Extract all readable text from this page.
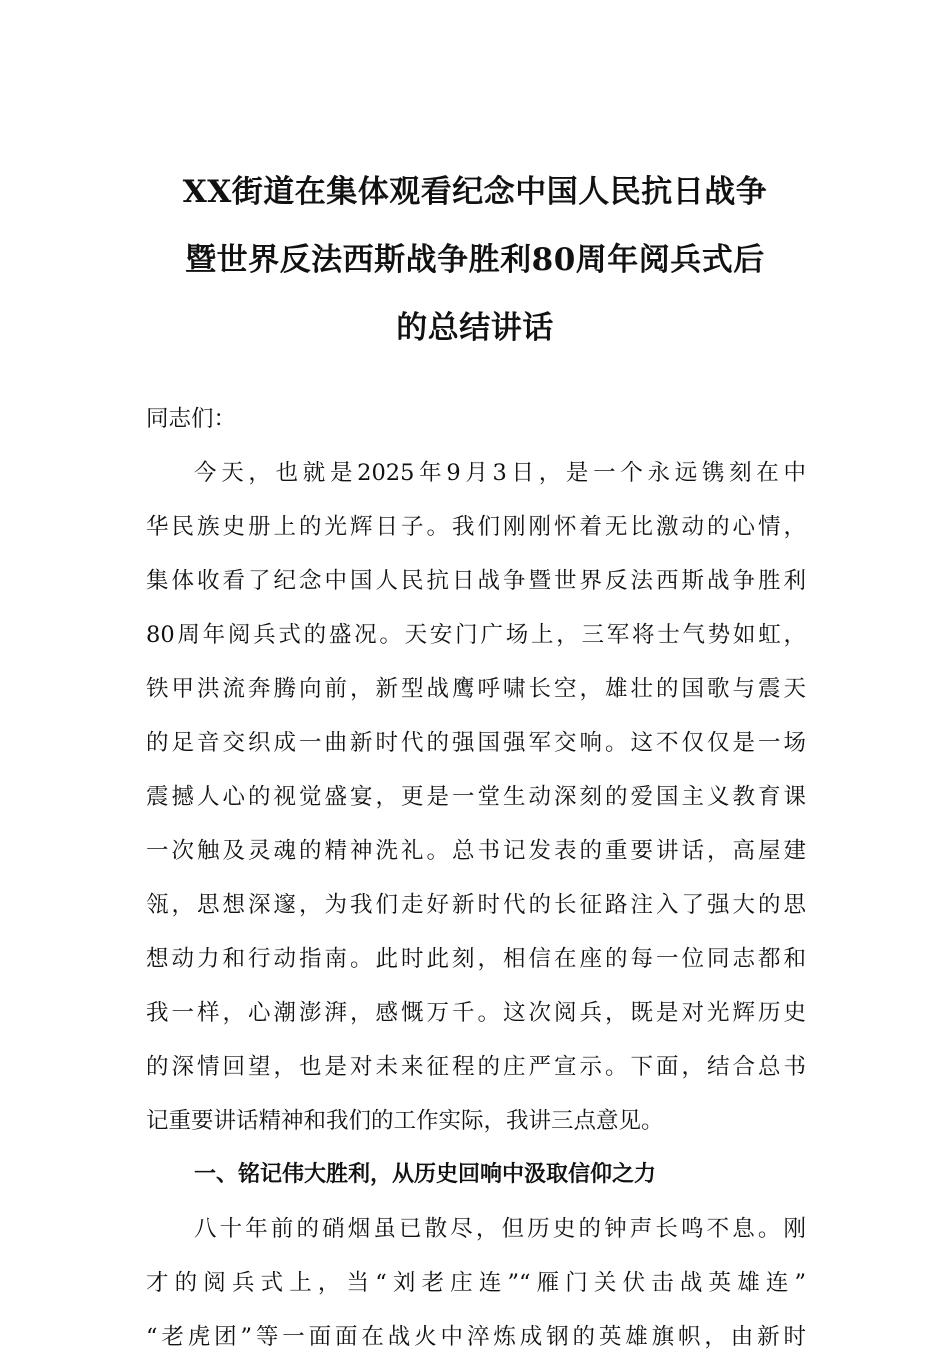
XX街道在集体观看纪念中国人民抗日战争
暨世界反法西斯战争胜利80周年阅兵式后
的总结讲话
同志们：
今天，也就是2025年9月3日，是一个永远镌刻在中
华民族史册上的光辉日子。我们刚刚怀着无比激动的心情，
集体收看了纪念中国人民抗日战争暨世界反法西斯战争胜利
80周年阅兵式的盛况。天安门广场上，三军将士气势如虹，
铁甲洪流奔腾向前，新型战鹰呼啸长空，雄壮的国歌与震天
的足音交织成一曲新时代的强国强军交响。这不仅仅是一场
震撼人心的视觉盛宴，更是一堂生动深刻的爱国主义教育课
一次触及灵魂的精神洗礼。总书记发表的重要讲话，高屋建
瓴，思想深邃，为我们走好新时代的长征路注入了强大的思
想动力和行动指南。此时此刻，相信在座的每一位同志都和
我一样，心潮澎湃，感慨万千。这次阅兵，既是对光辉历史
的深情回望，也是对未来征程的庄严宣示。下面，结合总书
记重要讲话精神和我们的工作实际，我讲三点意见。
一、铭记伟大胜利，从历史回响中汲取信仰之力
八十年前的硝烟虽已散尽，但历史的钟声长鸣不息。刚
才的阅兵式上，当“刘老庄连”“雁门关伏击战英雄连”
“老虎团”等一面面在战火中淬炼成钢的英雄旗帜，由新时
